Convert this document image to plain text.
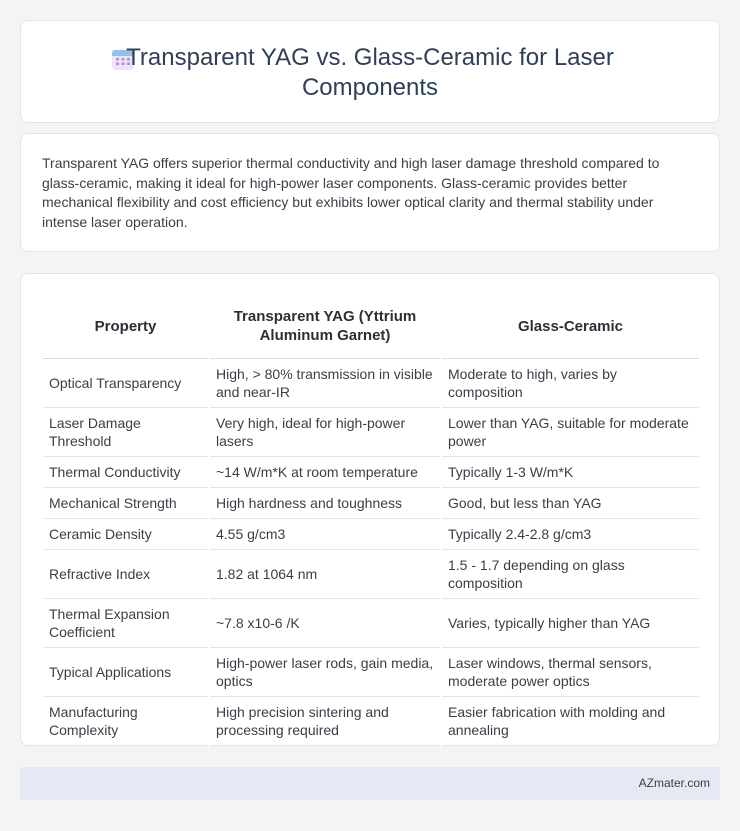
Transparent YAG vs. Glass-Ceramic for Laser Components

Transparent YAG offers superior thermal conductivity and high laser damage threshold compared to glass-ceramic, making it ideal for high-power laser components. Glass-ceramic provides better mechanical flexibility and cost efficiency but exhibits lower optical clarity and thermal stability under intense laser operation.

Property	Transparent YAG (Yttrium Aluminum Garnet)	Glass-Ceramic
Optical Transparency	High, > 80% transmission in visible and near-IR	Moderate to high, varies by composition
Laser Damage Threshold	Very high, ideal for high-power lasers	Lower than YAG, suitable for moderate power
Thermal Conductivity	~14 W/m*K at room temperature	Typically 1-3 W/m*K
Mechanical Strength	High hardness and toughness	Good, but less than YAG
Ceramic Density	4.55 g/cm3	Typically 2.4-2.8 g/cm3
Refractive Index	1.82 at 1064 nm	1.5 - 1.7 depending on glass composition
Thermal Expansion Coefficient	~7.8 x10-6 /K	Varies, typically higher than YAG
Typical Applications	High-power laser rods, gain media, optics	Laser windows, thermal sensors, moderate power optics
Manufacturing Complexity	High precision sintering and processing required	Easier fabrication with molding and annealing
AZmater.com
